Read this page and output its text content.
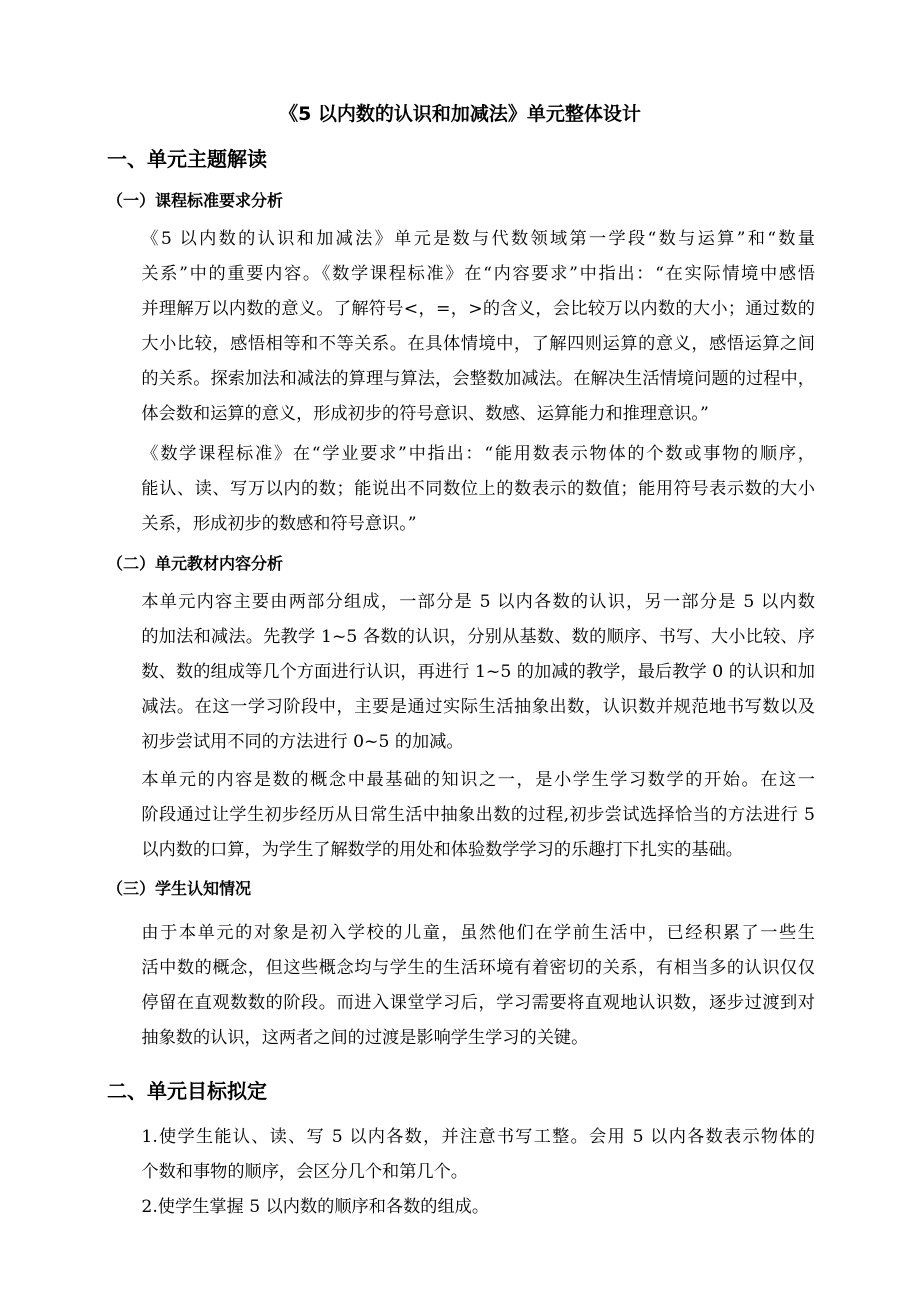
《5 以内数的认识和加减法》单元整体设计
一、单元主题解读
（一）课程标准要求分析

《5 以内数的认识和加减法》单元是数与代数领域第一学段“数与运算”和“数量
关系”中的重要内容。《数学课程标准》在“内容要求”中指出：“在实际情境中感悟
并理解万以内数的意义。了解符号<，=，>的含义，会比较万以内数的大小；通过数的
大小比较，感悟相等和不等关系。在具体情境中，了解四则运算的意义，感悟运算之间
的关系。探索加法和减法的算理与算法，会整数加减法。在解决生活情境问题的过程中，
体会数和运算的意义，形成初步的符号意识、数感、运算能力和推理意识。”

《数学课程标准》在“学业要求”中指出：“能用数表示物体的个数或事物的顺序，
能认、读、写万以内的数；能说出不同数位上的数表示的数值；能用符号表示数的大小
关系，形成初步的数感和符号意识。”

（二）单元教材内容分析

本单元内容主要由两部分组成，一部分是 5 以内各数的认识，另一部分是 5 以内数
的加法和减法。先教学 1~5 各数的认识，分别从基数、数的顺序、书写、大小比较、序
数、数的组成等几个方面进行认识，再进行 1~5 的加减的教学，最后教学 0 的认识和加
减法。在这一学习阶段中，主要是通过实际生活抽象出数，认识数并规范地书写数以及
初步尝试用不同的方法进行 0~5 的加减。

本单元的内容是数的概念中最基础的知识之一，是小学生学习数学的开始。在这一
阶段通过让学生初步经历从日常生活中抽象出数的过程,初步尝试选择恰当的方法进行 5
以内数的口算，为学生了解数学的用处和体验数学学习的乐趣打下扎实的基础。

（三）学生认知情况

由于本单元的对象是初入学校的儿童，虽然他们在学前生活中，已经积累了一些生
活中数的概念，但这些概念均与学生的生活环境有着密切的关系，有相当多的认识仅仅
停留在直观数数的阶段。而进入课堂学习后，学习需要将直观地认识数，逐步过渡到对
抽象数的认识，这两者之间的过渡是影响学生学习的关键。

二、单元目标拟定

1.使学生能认、读、写 5 以内各数，并注意书写工整。会用 5 以内各数表示物体的
个数和事物的顺序，会区分几个和第几个。

2.使学生掌握 5 以内数的顺序和各数的组成。
